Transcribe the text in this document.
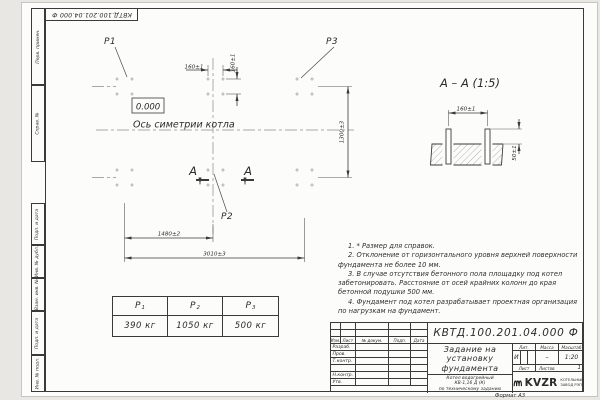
КВТД.100.201.04.000 Ф
Перв. примен.
Справ. №
Подп. и дата
Инв. № дубл.
Взам. инв. №
Подп. и дата
Инв. № подл.
160±1	160±1
1300±3
1480±2
3010±3
0.000
Ось симетрии котла
P1	P3
P2
А	А
А – А (1:5)
160±1
50±1

1. * Размер для справок.

2. Отклонение от горизонтального уровня верхней поверхности фундамента не более 10 мм.

3. В случае отсутствия бетонного пола площадку под котел забетонировать. Расстояние от осей крайних колонн до края бетонной подушки 500 мм.

4. Фундамент под котел разрабатывает проектная организация по нагрузкам на фундамент.

P 1	P 2	P 3
390 кг	1050 кг	500 кг
КВТД.100.201.04.000 Ф
Изм. Лист	№ докум.	Подп.	Дата
Разраб.
Пров.
Т.контр.
Н.контр.
Утв.
Задание на
установку
фундамента
Котел водогрейный
КВ-1,16 Д (К)
по техническому заданию
Лит.	Масса	Масштаб
И	–	1:20
Лист	Листов	1
KVZR КОТЕЛЬНЫЙ
ЗАВОД РЭП
Формат А3
